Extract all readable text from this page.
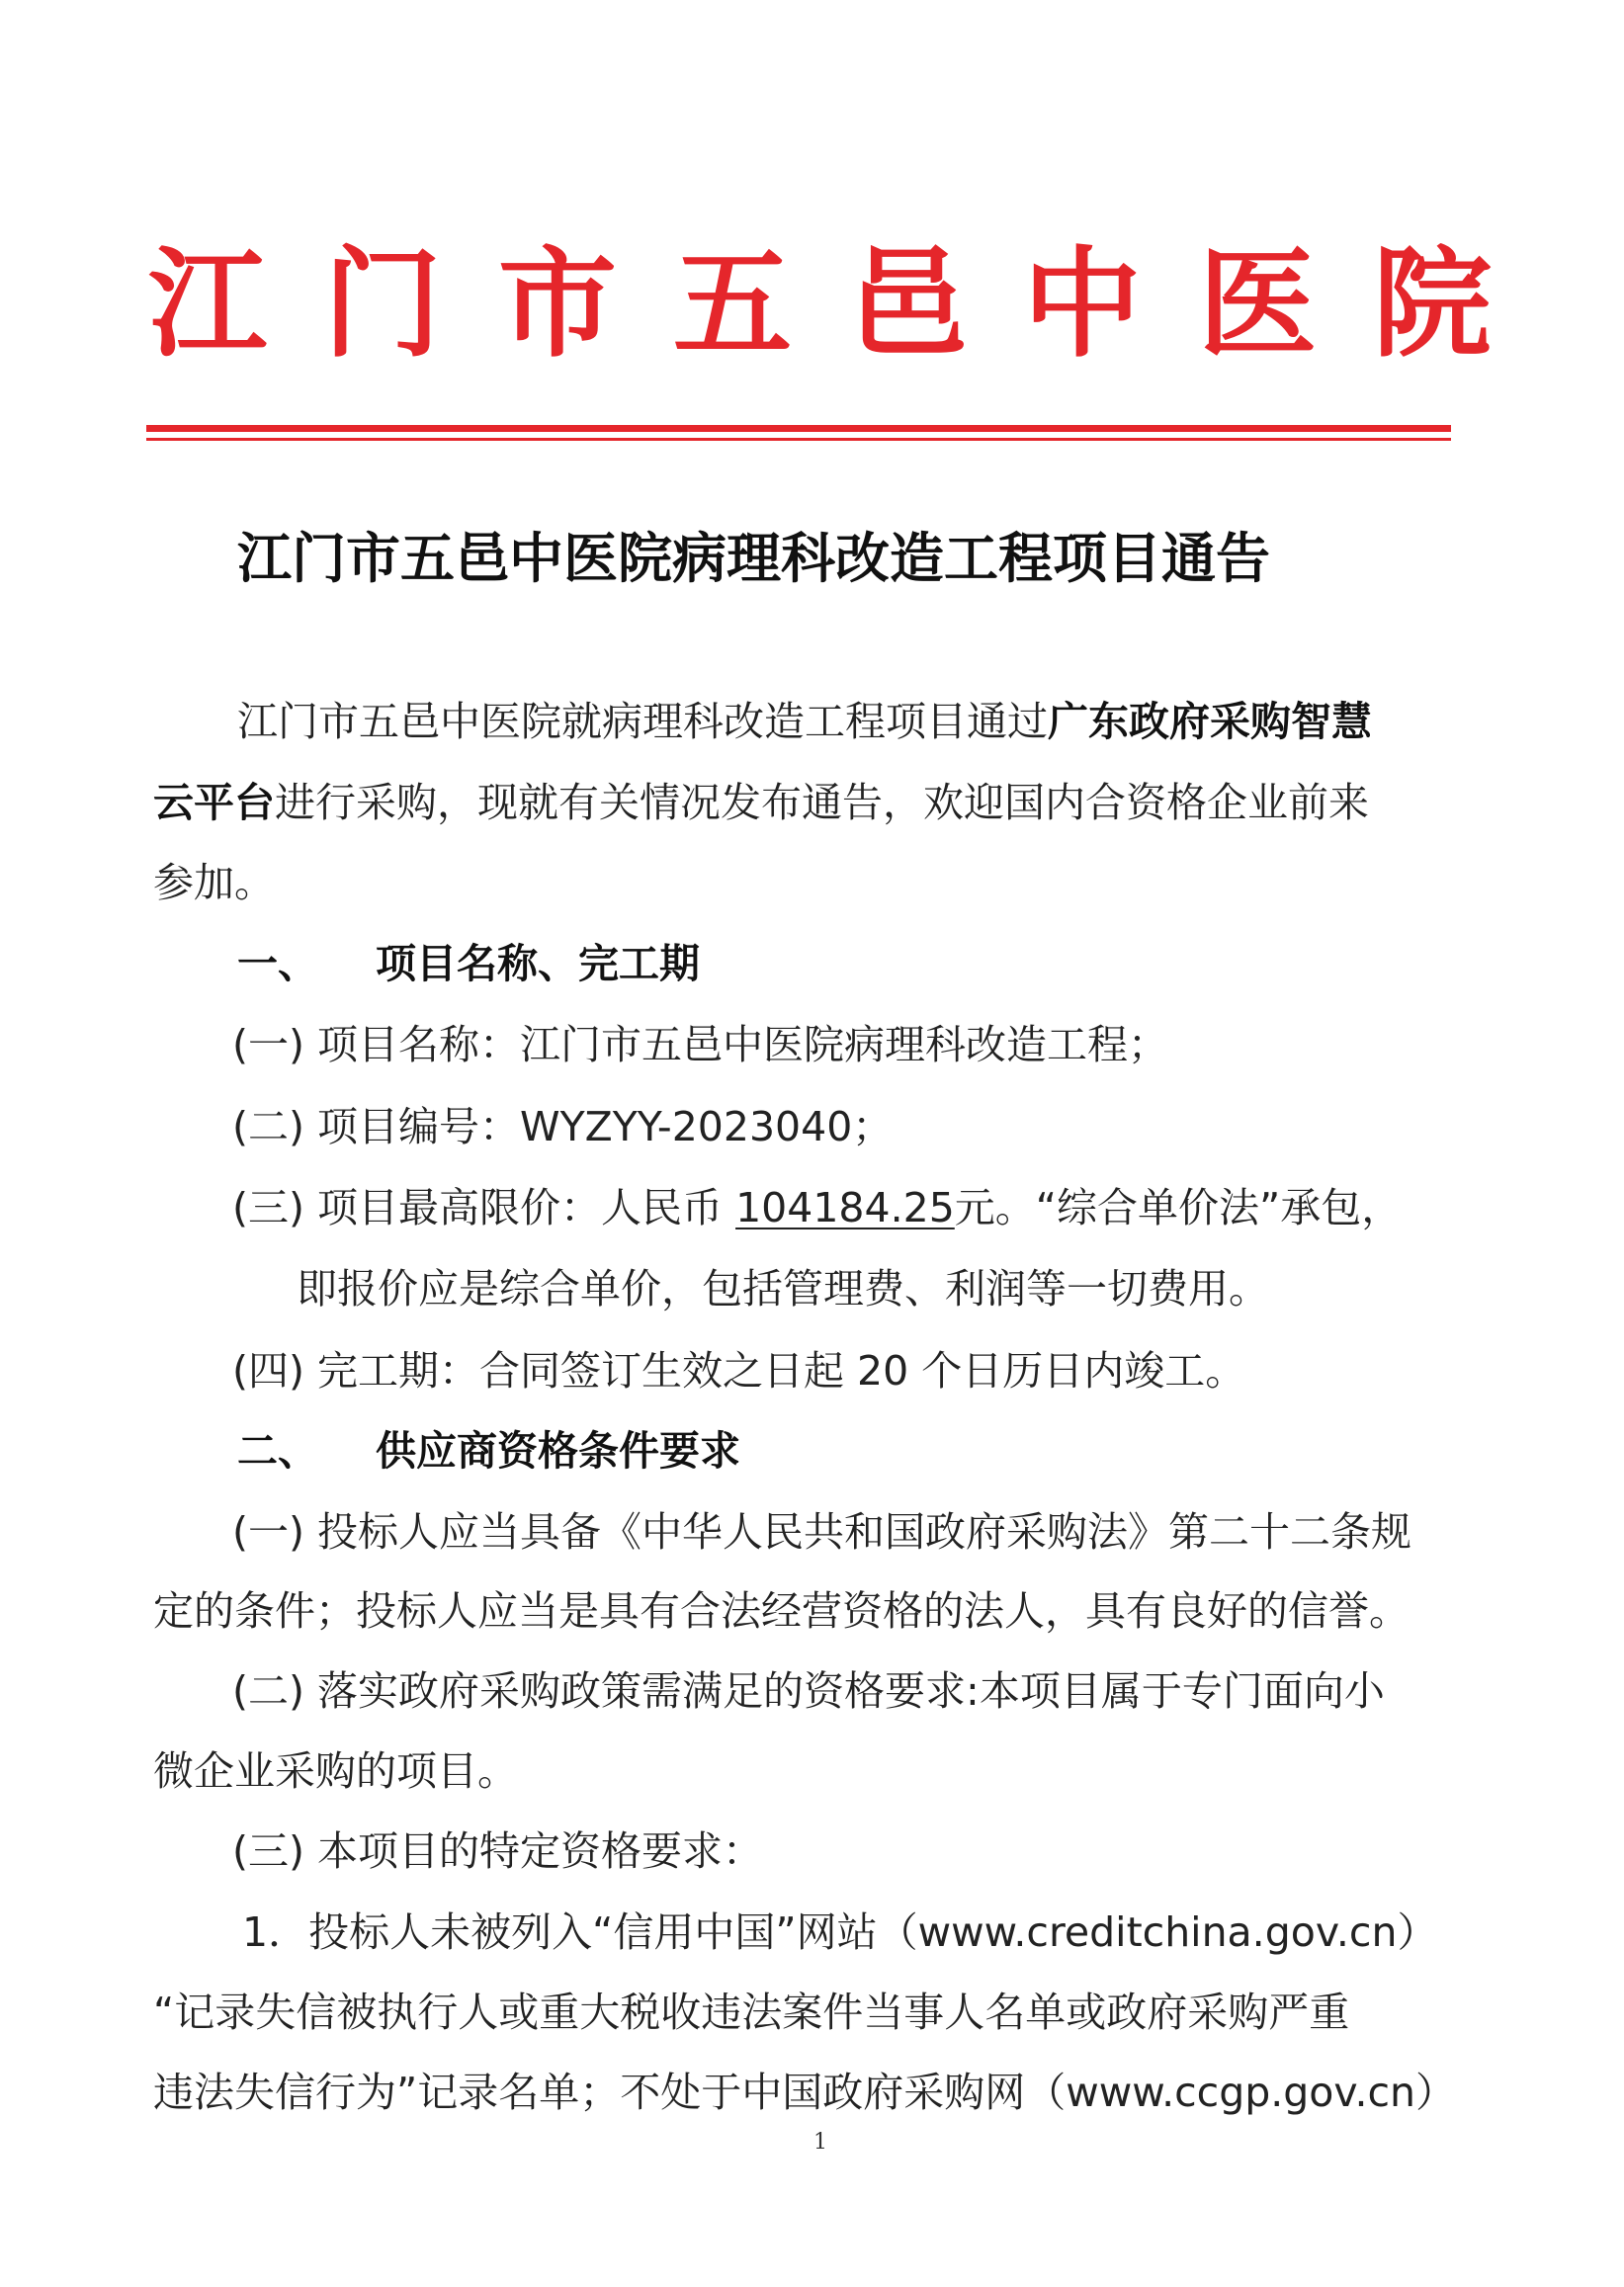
江门市五邑中医院
江门市五邑中医院病理科改造工程项目通告
江门市五邑中医院就病理科改造工程项目通过广东政府采购智慧
云平台进行采购，现就有关情况发布通告，欢迎国内合资格企业前来
参加。
一、 项目名称、完工期
(一) 项目名称：江门市五邑中医院病理科改造工程；
(二) 项目编号：WYZYY-2023040；
(三) 项目最高限价：人民币 104184.25元。“综合单价法”承包，
即报价应是综合单价，包括管理费、利润等一切费用。
(四) 完工期：合同签订生效之日起 20 个日历日内竣工。
二、 供应商资格条件要求
(一) 投标人应当具备《中华人民共和国政府采购法》第二十二条规
定的条件；投标人应当是具有合法经营资格的法人，具有良好的信誉。
(二) 落实政府采购政策需满足的资格要求:本项目属于专门面向小
微企业采购的项目。
(三) 本项目的特定资格要求：
1．投标人未被列入“信用中国”网站（www.creditchina.gov.cn）
“记录失信被执行人或重大税收违法案件当事人名单或政府采购严重
违法失信行为”记录名单；不处于中国政府采购网（www.ccgp.gov.cn）
1
